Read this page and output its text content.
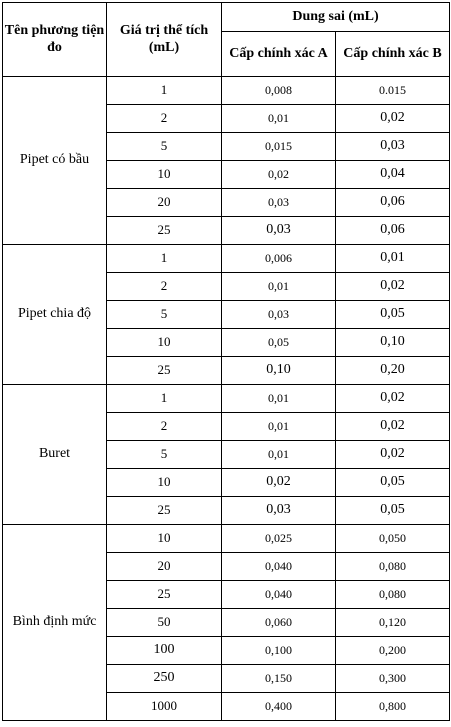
Tên phương tiện đo	Giá trị thể tích (mL)	Dung sai (mL)	
		Cấp chính xác A	Cấp chính xác B
Pipet có bầu	1	0,008	0.015
	2	0,01	0,02
	5	0,015	0,03
	10	0,02	0,04
	20	0,03	0,06
	25	0,03	0,06
Pipet chia độ	1	0,006	0,01
	2	0,01	0,02
	5	0,03	0,05
	10	0,05	0,10
	25	0,10	0,20
Buret	1	0,01	0,02
	2	0,01	0,02
	5	0,01	0,02
	10	0,02	0,05
	25	0,03	0,05
Bình định mức	10	0,025	0,050
	20	0,040	0,080
	25	0,040	0,080
	50	0,060	0,120
	100	0,100	0,200
	250	0,150	0,300
	1000	0,400	0,800
